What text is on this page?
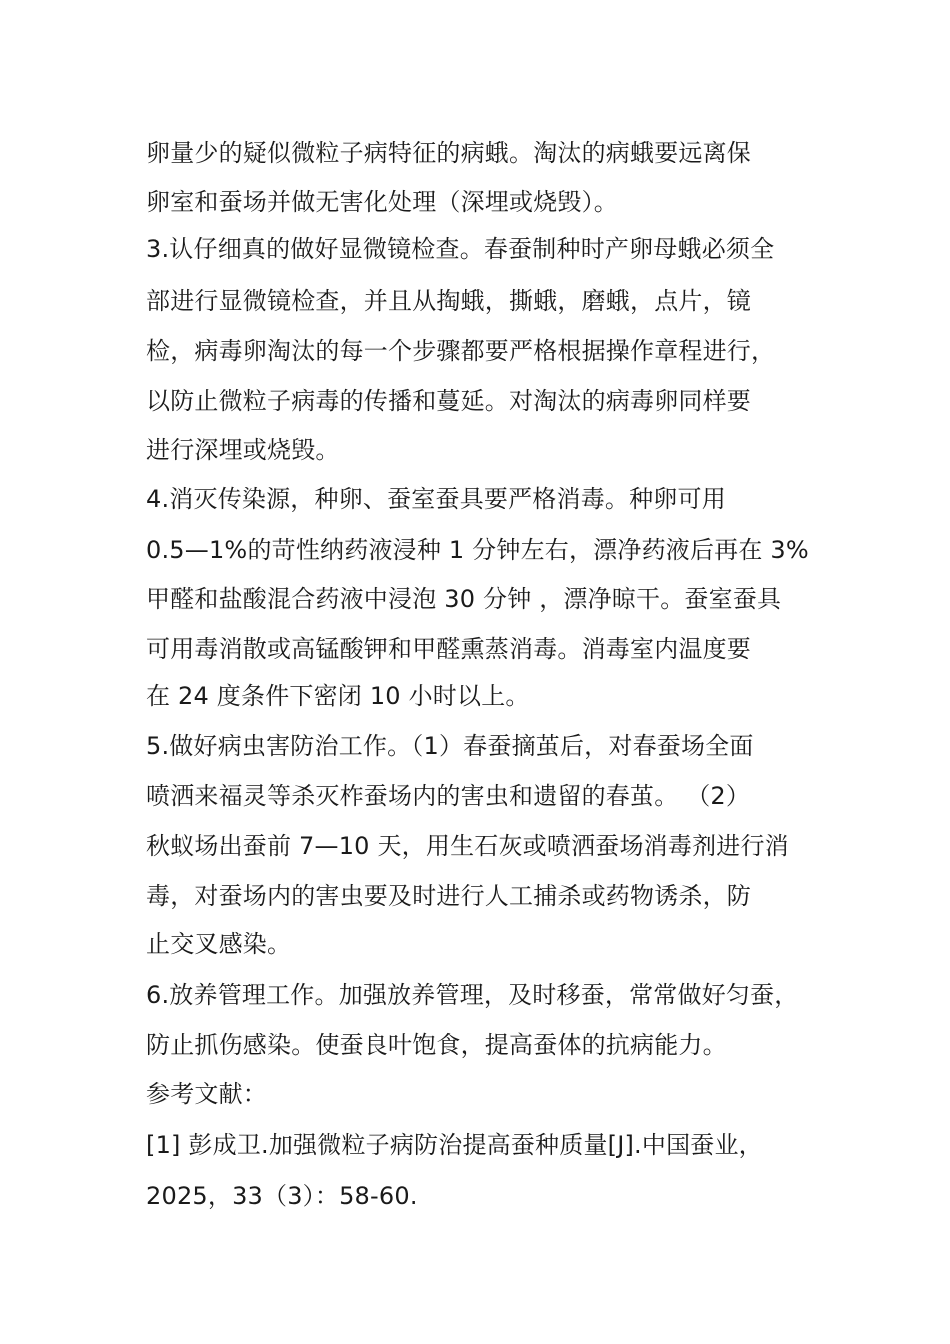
卵量少的疑似微粒子病特征的病蛾。淘汰的病蛾要远离保
卵室和蚕场并做无害化处理（深埋或烧毁）。
3.认仔细真的做好显微镜检查。春蚕制种时产卵母蛾必须全
部进行显微镜检查，并且从掏蛾，撕蛾，磨蛾，点片，镜
检，病毒卵淘汰的每一个步骤都要严格根据操作章程进行，
以防止微粒子病毒的传播和蔓延。对淘汰的病毒卵同样要
进行深埋或烧毁。
4.消灭传染源，种卵、蚕室蚕具要严格消毒。种卵可用
0.5—1%的苛性纳药液浸种 1 分钟左右，漂净药液后再在 3%
甲醛和盐酸混合药液中浸泡 30 分钟 ，漂净晾干。蚕室蚕具
可用毒消散或高锰酸钾和甲醛熏蒸消毒。消毒室内温度要
在 24 度条件下密闭 10 小时以上。
5.做好病虫害防治工作。（1）春蚕摘茧后，对春蚕场全面
喷洒来福灵等杀灭柞蚕场内的害虫和遗留的春茧。 （2）
秋蚁场出蚕前 7—10 天，用生石灰或喷洒蚕场消毒剂进行消
毒，对蚕场内的害虫要及时进行人工捕杀或药物诱杀，防
止交叉感染。
6.放养管理工作。加强放养管理，及时移蚕，常常做好匀蚕，
防止抓伤感染。使蚕良叶饱食，提高蚕体的抗病能力。
参考文献：
[1] 彭成卫.加强微粒子病防治提高蚕种质量[J].中国蚕业，
2025，33（3）：58-60.
